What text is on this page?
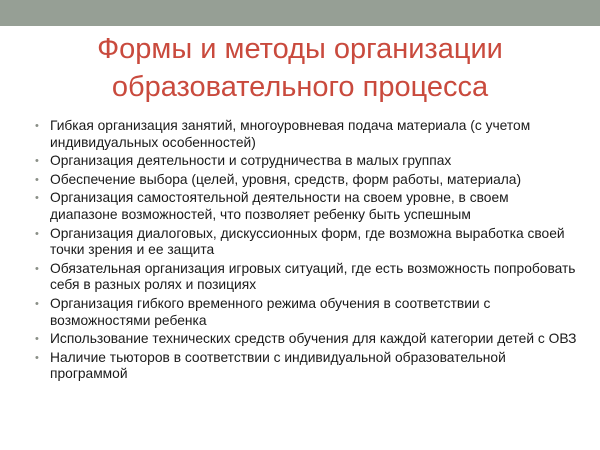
Формы и методы организации
образовательного процесса
• Гибкая организация занятий, многоуровневая подача материала (с учетом индивидуальных особенностей)
• Организация деятельности и сотрудничества в малых группах
• Обеспечение выбора (целей, уровня, средств, форм работы, материала)
• Организация самостоятельной деятельности на своем уровне, в своем диапазоне возможностей, что позволяет ребенку быть успешным
• Организация диалоговых, дискуссионных форм, где возможна выработка своей точки зрения и ее защита
• Обязательная организация игровых ситуаций, где есть возможность попробовать себя в разных ролях и позициях
• Организация гибкого временного режима обучения в соответствии с возможностями ребенка
• Использование технических средств обучения для каждой категории детей с ОВЗ
• Наличие тьюторов в соответствии с индивидуальной образовательной программой
